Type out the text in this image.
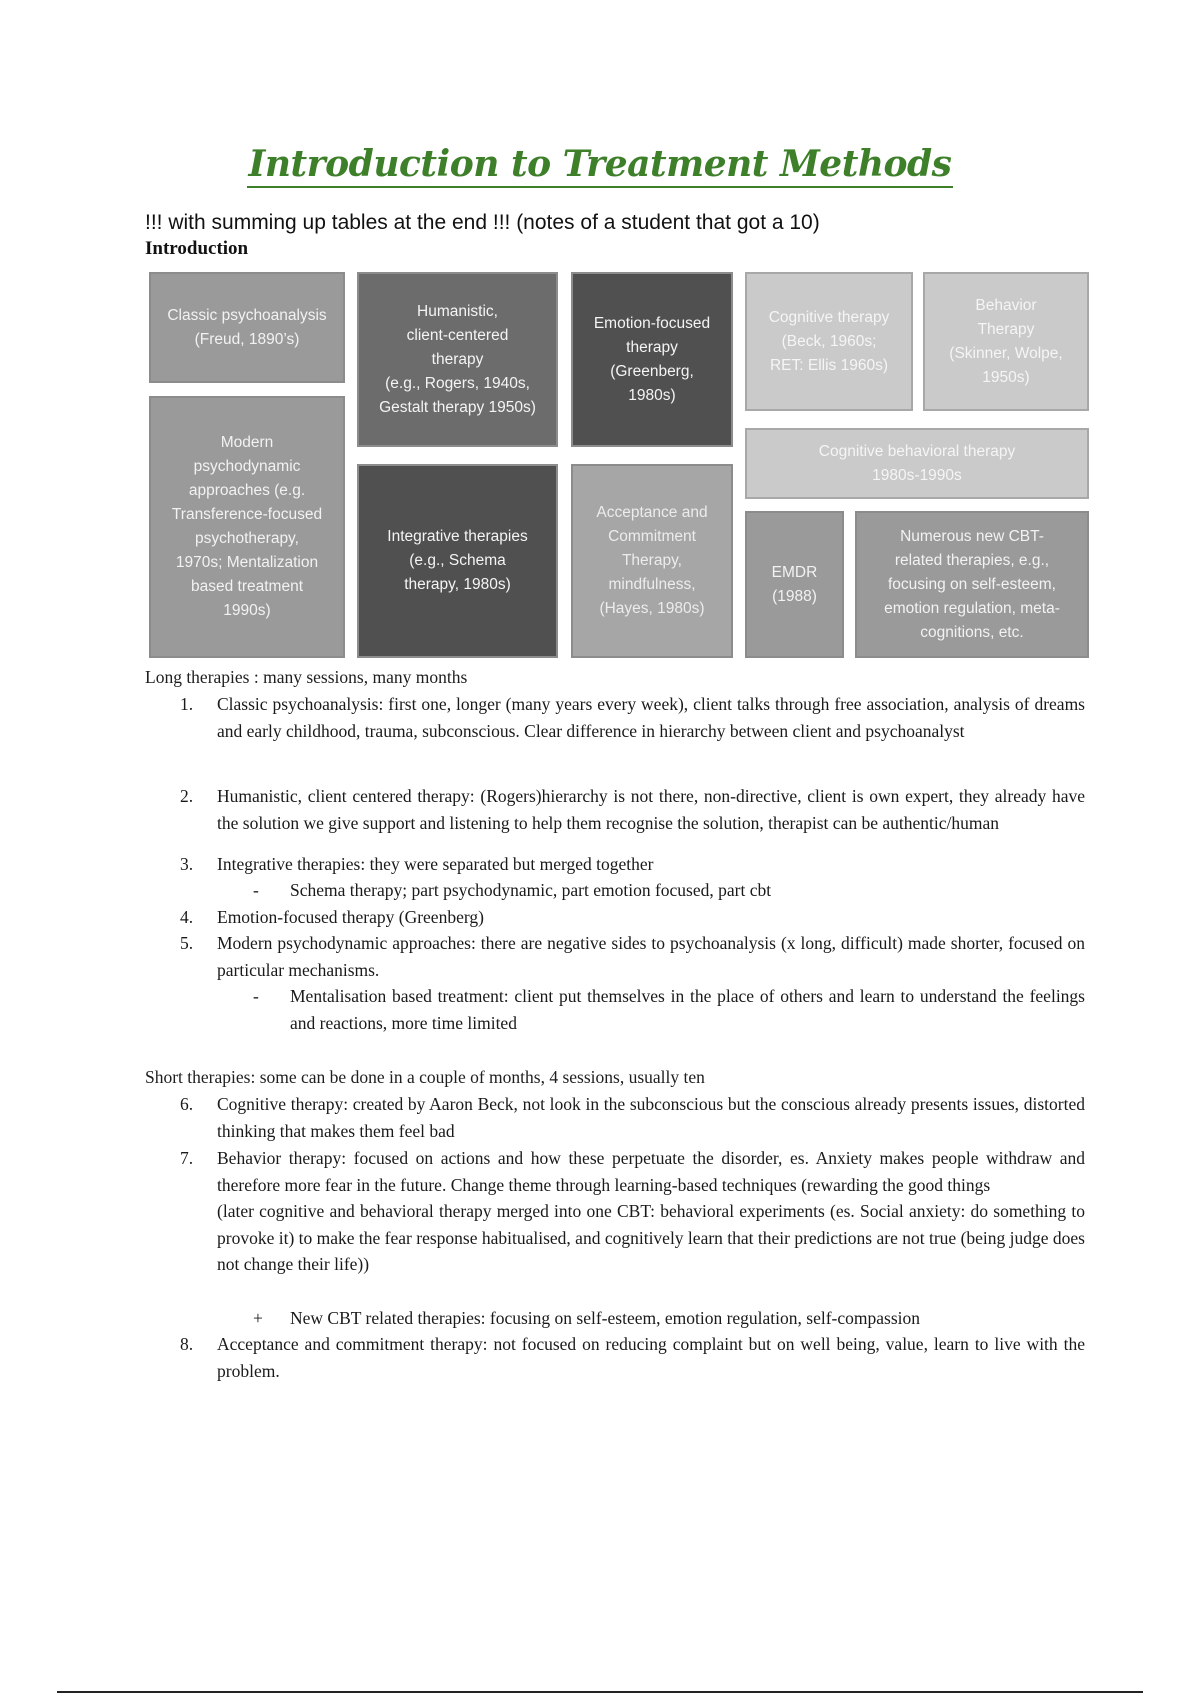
Introduction to Treatment Methods
!!! with summing up tables at the end !!! (notes of a student that got a 10)
Introduction
Classic psychoanalysis
(Freud, 1890’s)
Modern
psychodynamic
approaches (e.g.
Transference-focused
psychotherapy,
1970s; Mentalization
based treatment
1990s)
Humanistic,
client-centered
therapy
(e.g., Rogers, 1940s,
Gestalt therapy 1950s)
Integrative therapies
(e.g., Schema
therapy, 1980s)
Emotion-focused
therapy
(Greenberg,
1980s)
Acceptance and
Commitment
Therapy,
mindfulness,
(Hayes, 1980s)
Cognitive therapy
(Beck, 1960s;
RET: Ellis 1960s)
Behavior
Therapy
(Skinner, Wolpe,
1950s)
Cognitive behavioral therapy
1980s-1990s
EMDR
(1988)
Numerous new CBT-
related therapies, e.g.,
focusing on self-esteem,
emotion regulation, meta-
cognitions, etc.
Long therapies : many sessions, many months
1. Classic psychoanalysis: first one, longer (many years every week), client talks through free association, analysis of dreams and early childhood, trauma, subconscious. Clear difference in hierarchy between client and psychoanalyst
2. Humanistic, client centered therapy: (Rogers)hierarchy is not there, non-directive, client is own expert, they already have the solution we give support and listening to help them recognise the solution, therapist can be authentic/human
3. Integrative therapies: they were separated but merged together
- Schema therapy; part psychodynamic, part emotion focused, part cbt
4. Emotion-focused therapy (Greenberg)
5. Modern psychodynamic approaches: there are negative sides to psychoanalysis (x long, difficult) made shorter, focused on particular mechanisms.
- Mentalisation based treatment: client put themselves in the place of others and learn to understand the feelings and reactions, more time limited
Short therapies: some can be done in a couple of months, 4 sessions, usually ten
6. Cognitive therapy: created by Aaron Beck, not look in the subconscious but the conscious already presents issues, distorted thinking that makes them feel bad
7. Behavior therapy: focused on actions and how these perpetuate the disorder, es. Anxiety makes people withdraw and therefore more fear in the future. Change theme through learning-based techniques (rewarding the good things
(later cognitive and behavioral therapy merged into one CBT: behavioral experiments (es. Social anxiety: do something to provoke it) to make the fear response habitualised, and cognitively learn that their predictions are not true (being judge does not change their life))
+ New CBT related therapies: focusing on self-esteem, emotion regulation, self-compassion
8. Acceptance and commitment therapy: not focused on reducing complaint but on well being, value, learn to live with the problem.
